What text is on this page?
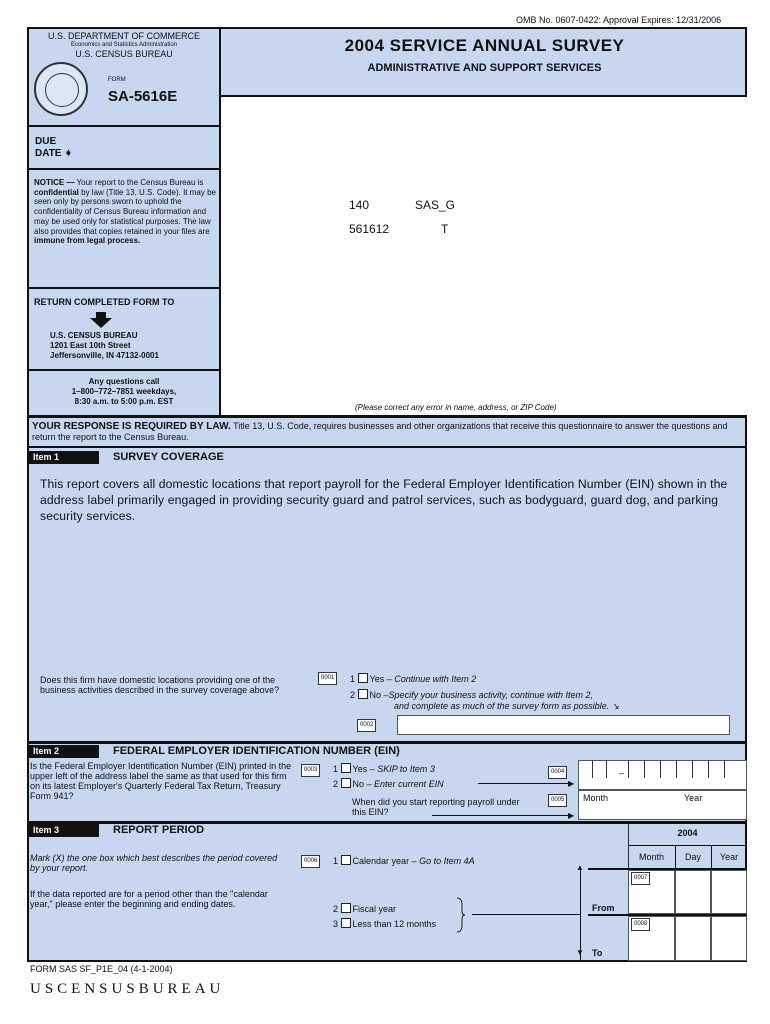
OMB No. 0607-0422: Approval Expires: 12/31/2006
U.S. DEPARTMENT OF COMMERCE
Economics and Statistics Administration
U.S. CENSUS BUREAU
FORM
SA-5616E
DUE
DATE ➧
NOTICE — Your report to the Census Bureau is confidential by law (Title 13, U.S. Code). It may be seen only by persons sworn to uphold the confidentiality of Census Bureau information and may be used only for statistical purposes. The law also provides that copies retained in your files are immune from legal process.
RETURN COMPLETED FORM TO
U.S. CENSUS BUREAU
1201 East 10th Street
Jeffersonville, IN 47132-0001
Any questions call
1–800–772–7851 weekdays,
8:30 a.m. to 5:00 p.m. EST
2004 SERVICE ANNUAL SURVEY
ADMINISTRATIVE AND SUPPORT SERVICES
140	SAS_G
561612	T
(Please correct any error in name, address, or ZIP Code)
YOUR RESPONSE IS REQUIRED BY LAW. Title 13, U.S. Code, requires businesses and other organizations that receive this questionnaire to answer the questions and return the report to the Census Bureau.
Item 1	SURVEY COVERAGE
This report covers all domestic locations that report payroll for the Federal Employer Identification Number (EIN) shown in the address label primarily engaged in providing security guard and patrol services, such as bodyguard, guard dog, and parking security services.
Does this firm have domestic locations providing one of the business activities described in the survey coverage above?
0001	1 Yes – Continue with Item 2
2 No –Specify your business activity, continue with Item 2,
and complete as much of the survey form as possible. ↘
0002
Item 2	FEDERAL EMPLOYER IDENTIFICATION NUMBER (EIN)
Is the Federal Employer Identification Number (EIN) printed in the upper left of the address label the same as that used for this firm on its latest Employer's Quarterly Federal Tax Return, Treasury Form 941?
0003	1 Yes – SKIP to Item 3
2 No – Enter current EIN	▶
0004	–
When did you start reporting payroll under this EIN?	▶
0005	Month	Year
Item 3	REPORT PERIOD
Mark (X) the one box which best describes the period covered by your report.
0006	1 Calendar year – Go to Item 4A
If the data reported are for a period other than the "calendar year," please enter the beginning and ending dates.	2 Fiscal year
3 Less than 12 months
▲
▼
2004
Month	Day	Year
From
0007
To
0008
FORM SAS SF_P1E_04 (4-1-2004)
USCENSUSBUREAU
